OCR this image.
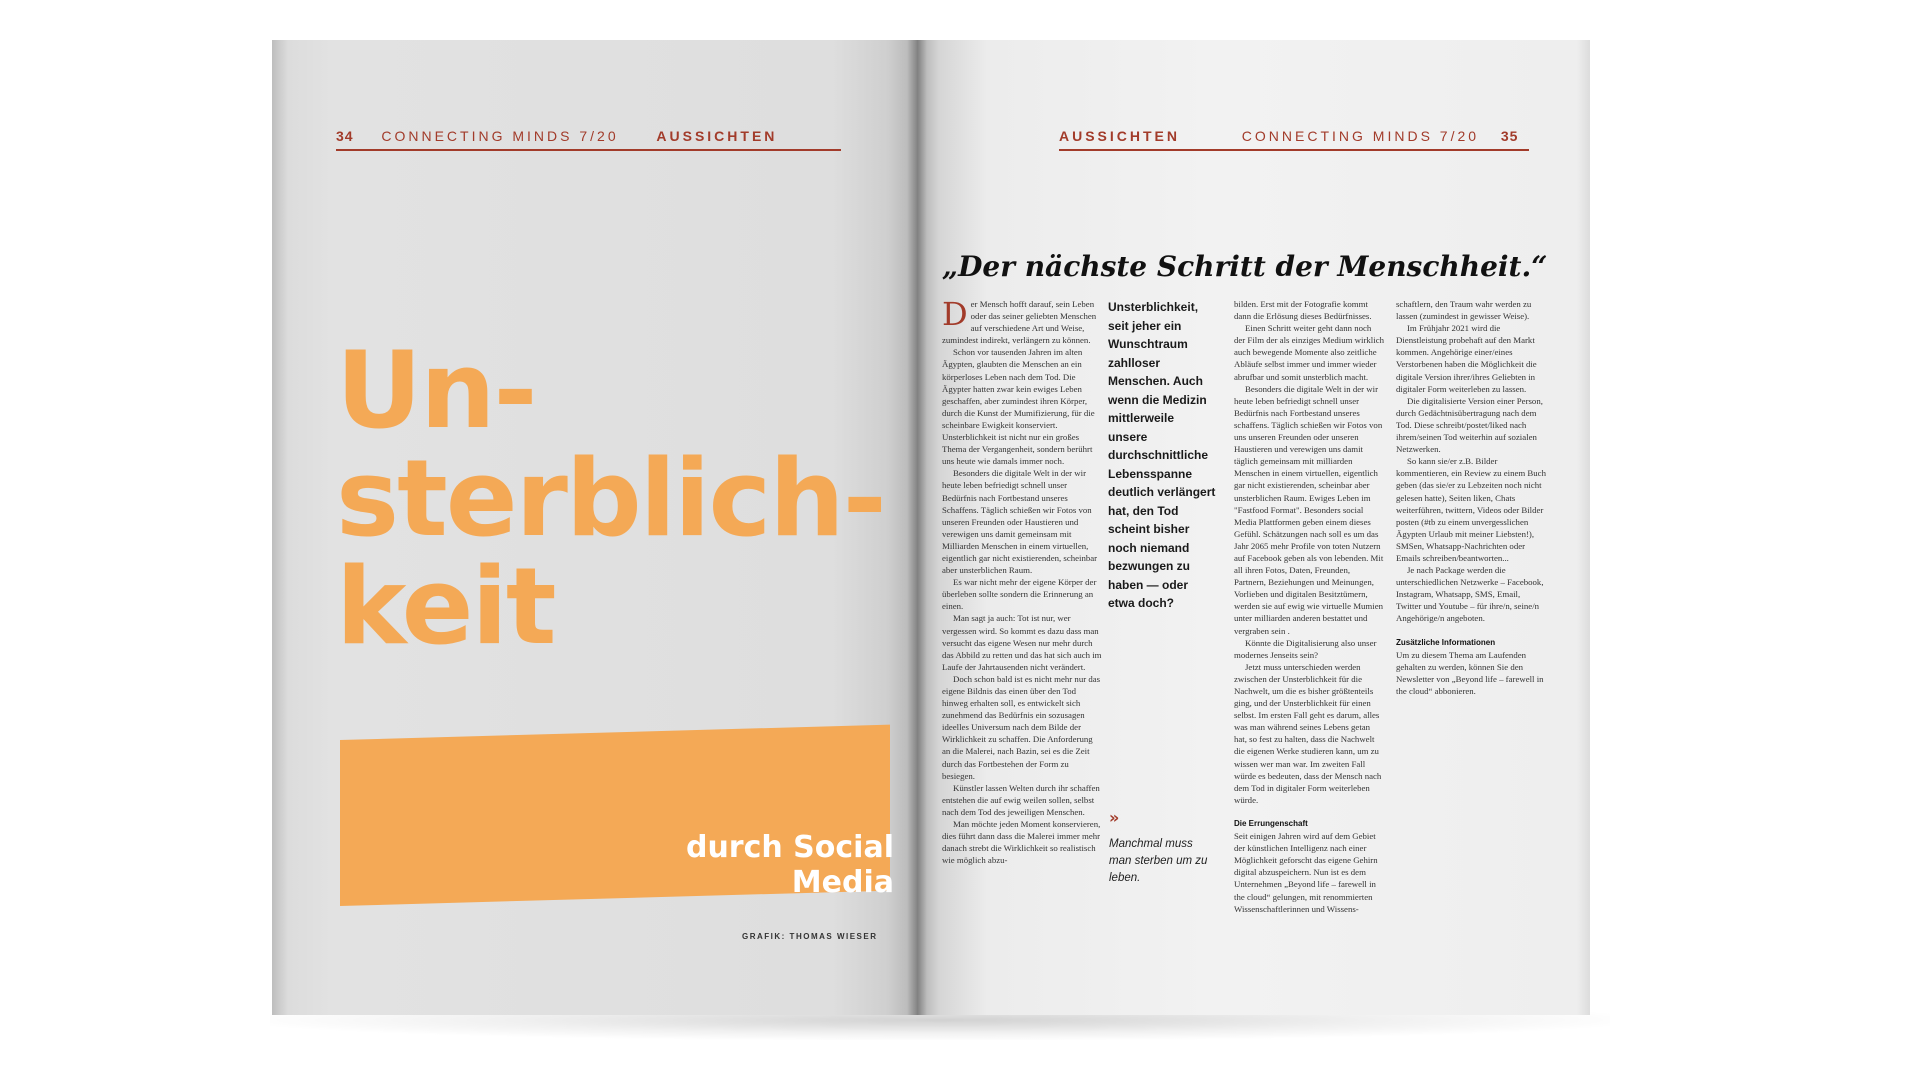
34 CONNECTING MINDS 7/20	AUSSICHTEN
Un-
sterblich-
keit
durch Social Media
GRAFIK: THOMAS WIESER
AUSSICHTEN	CONNECTING MINDS 7/20 35
„Der nächste Schritt der Menschheit.“

Der Mensch hofft darauf, sein Leben oder das seiner geliebten Menschen auf verschiedene Art und Weise, zumindest indirekt, verlängern zu können.

Schon vor tausenden Jahren im alten Ägypten, glaubten die Menschen an ein körperloses Leben nach dem Tod. Die Ägypter hatten zwar kein ewiges Leben geschaffen, aber zumindest ihren Körper, durch die Kunst der Mumifizierung, für die scheinbare Ewigkeit konserviert. Unsterblichkeit ist nicht nur ein großes Thema der Vergangenheit, sondern berührt uns heute wie damals immer noch.

Besonders die digitale Welt in der wir heute leben befriedigt schnell unser Bedürfnis nach Fortbestand unseres Schaffens. Täglich schießen wir Fotos von unseren Freunden oder Haustieren und verewigen uns damit gemeinsam mit Milliarden Menschen in einem virtuellen, eigentlich gar nicht existierenden, scheinbar aber unsterblichen Raum.

Es war nicht mehr der eigene Körper der überleben sollte sondern die Erinnerung an einen.

Man sagt ja auch: Tot ist nur, wer vergessen wird. So kommt es dazu dass man versucht das eigene Wesen nur mehr durch das Abbild zu retten und das hat sich auch im Laufe der Jahrtausenden nicht verändert.

Doch schon bald ist es nicht mehr nur das eigene Bildnis das einen über den Tod hinweg erhalten soll, es entwickelt sich zunehmend das Bedürfnis ein sozusagen ideelles Universum nach dem Bilde der Wirklichkeit zu schaffen. Die Anforderung an die Malerei, nach Bazin, sei es die Zeit durch das Fortbestehen der Form zu besiegen.

Künstler lassen Welten durch ihr schaffen entstehen die auf ewig weilen sollen, selbst nach dem Tod des jeweiligen Menschen.

Man möchte jeden Moment konservieren, dies führt dann dass die Malerei immer mehr danach strebt die Wirklichkeit so realistisch wie möglich abzu-

Unsterblichkeit, seit jeher ein Wunschtraum zahlloser Menschen. Auch wenn die Medizin mittlerweile unsere durchschnittliche Lebensspanne deutlich verlängert hat, den Tod scheint bisher noch niemand bezwungen zu haben — oder etwa doch?
»
Manchmal muss man sterben um zu leben.

bilden. Erst mit der Fotografie kommt dann die Erlösung dieses Bedürfnisses.

Einen Schritt weiter geht dann noch der Film der als einziges Medium wirklich auch bewegende Momente also zeitliche Abläufe selbst immer und immer wieder abrufbar und somit unsterblich macht.

Besonders die digitale Welt in der wir heute leben befriedigt schnell unser Bedürfnis nach Fortbestand unseres schaffens. Täglich schießen wir Fotos von uns unseren Freunden oder unseren Haustieren und verewigen uns damit täglich gemeinsam mit milliarden Menschen in einem virtuellen, eigentlich gar nicht existierenden, scheinbar aber unsterblichen Raum. Ewiges Leben im "Fastfood Format". Besonders social Media Plattformen geben einem dieses Gefühl. Schätzungen nach soll es um das Jahr 2065 mehr Profile von toten Nutzern auf Facebook geben als von lebenden. Mit all ihren Fotos, Daten, Freunden, Partnern, Beziehungen und Meinungen, Vorlieben und digitalen Besitztümern, werden sie auf ewig wie virtuelle Mumien unter milliarden anderen bestattet und vergraben sein .

Könnte die Digitalisierung also unser modernes Jenseits sein?

Jetzt muss unterschieden werden zwischen der Unsterblichkeit für die Nachwelt, um die es bisher größtenteils ging, und der Unsterblichkeit für einen selbst. Im ersten Fall geht es darum, alles was man während seines Lebens getan hat, so fest zu halten, dass die Nachwelt die eigenen Werke studieren kann, um zu wissen wer man war. Im zweiten Fall würde es bedeuten, dass der Mensch nach dem Tod in digitaler Form weiterleben würde.

Die Errungenschaft

Seit einigen Jahren wird auf dem Gebiet der künstlichen Intelligenz nach einer Möglichkeit geforscht das eigene Gehirn digital abzuspeichern. Nun ist es dem Unternehmen „Beyond life – farewell in the cloud“ gelungen, mit renommierten Wissenschaftlerinnen und Wissens-

schaftlern, den Traum wahr werden zu lassen (zumindest in gewisser Weise).

Im Frühjahr 2021 wird die Dienstleistung probehaft auf den Markt kommen. Angehörige einer/eines Verstorbenen haben die Möglichkeit die digitale Version ihrer/ihres Geliebten in digitaler Form weiterleben zu lassen.

Die digitalisierte Version einer Person, durch Gedächtnisübertragung nach dem Tod. Diese schreibt/postet/liked nach ihrem/seinen Tod weiterhin auf sozialen Netzwerken.

So kann sie/er z.B. Bilder kommentieren, ein Review zu einem Buch geben (das sie/er zu Lebzeiten noch nicht gelesen hatte), Seiten liken, Chats weiterführen, twittern, Videos oder Bilder posten (#tb zu einem unvergesslichen Ägypten Urlaub mit meiner Liebsten!), SMSen, Whatsapp-Nachrichten oder Emails schreiben/beantworten...

Je nach Package werden die unterschiedlichen Netzwerke – Facebook, Instagram, Whatsapp, SMS, Email, Twitter und Youtube – für ihre/n, seine/n Angehörige/n angeboten.

Zusätzliche Informationen

Um zu diesem Thema am Laufenden gehalten zu werden, können Sie den Newsletter von „Beyond life – farewell in the cloud“ abbonieren.
